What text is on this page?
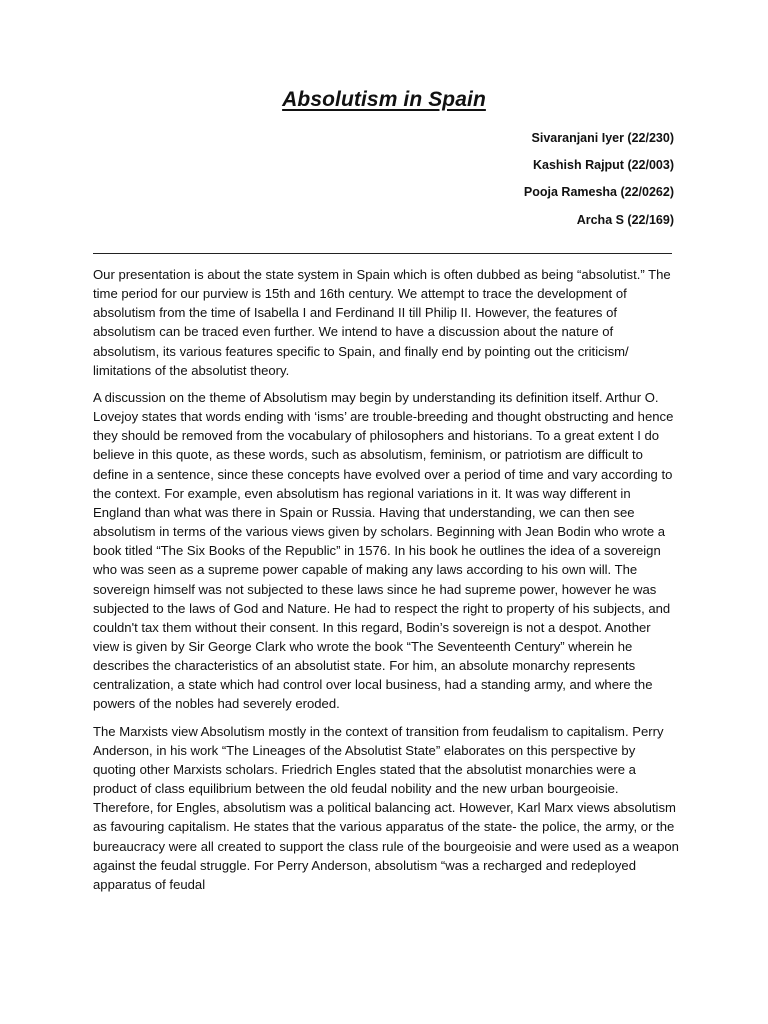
Absolutism in Spain
Sivaranjani Iyer (22/230)
Kashish Rajput (22/003)
Pooja Ramesha (22/0262)
Archa S (22/169)

Our presentation is about the state system in Spain which is often dubbed as being “absolutist.” The time period for our purview is 15th and 16th century. We attempt to trace the development of absolutism from the time of Isabella I and Ferdinand II till Philip II. However, the features of absolutism can be traced even further. We intend to have a discussion about the nature of absolutism, its various features specific to Spain, and finally end by pointing out the criticism/ limitations of the absolutist theory.

A discussion on the theme of Absolutism may begin by understanding its definition itself. Arthur O. Lovejoy states that words ending with ‘isms’ are trouble-breeding and thought obstructing and hence they should be removed from the vocabulary of philosophers and historians. To a great extent I do believe in this quote, as these words, such as absolutism, feminism, or patriotism are difficult to define in a sentence, since these concepts have evolved over a period of time and vary according to the context. For example, even absolutism has regional variations in it. It was way different in England than what was there in Spain or Russia. Having that understanding, we can then see absolutism in terms of the various views given by scholars. Beginning with Jean Bodin who wrote a book titled “The Six Books of the Republic” in 1576. In his book he outlines the idea of a sovereign who was seen as a supreme power capable of making any laws according to his own will. The sovereign himself was not subjected to these laws since he had supreme power, however he was subjected to the laws of God and Nature. He had to respect the right to property of his subjects, and couldn't tax them without their consent. In this regard, Bodin’s sovereign is not a despot. Another view is given by Sir George Clark who wrote the book “The Seventeenth Century” wherein he describes the characteristics of an absolutist state. For him, an absolute monarchy represents centralization, a state which had control over local business, had a standing army, and where the powers of the nobles had severely eroded.

The Marxists view Absolutism mostly in the context of transition from feudalism to capitalism. Perry Anderson, in his work “The Lineages of the Absolutist State” elaborates on this perspective by quoting other Marxists scholars. Friedrich Engles stated that the absolutist monarchies were a product of class equilibrium between the old feudal nobility and the new urban bourgeoisie. Therefore, for Engles, absolutism was a political balancing act. However, Karl Marx views absolutism as favouring capitalism. He states that the various apparatus of the state- the police, the army, or the bureaucracy were all created to support the class rule of the bourgeoisie and were used as a weapon against the feudal struggle. For Perry Anderson, absolutism “was a recharged and redeployed apparatus of feudal
